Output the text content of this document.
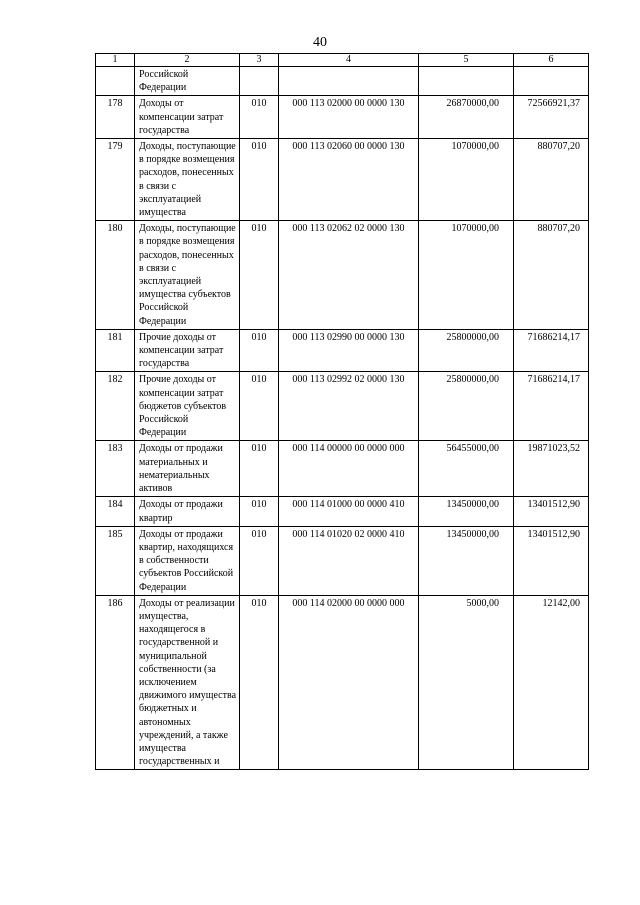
40
1	2	3	4	5	6
	Российской Федерации				
178	Доходы от компенсации затрат государства	010	000 113 02000 00 0000 130	26870000,00	72566921,37
179	Доходы, поступающие в порядке возмещения расходов, понесенных в связи с эксплуатацией имущества	010	000 113 02060 00 0000 130	1070000,00	880707,20
180	Доходы, поступающие в порядке возмещения расходов, понесенных в связи с эксплуатацией имущества субъектов Российской Федерации	010	000 113 02062 02 0000 130	1070000,00	880707,20
181	Прочие доходы от компенсации затрат государства	010	000 113 02990 00 0000 130	25800000,00	71686214,17
182	Прочие доходы от компенсации затрат бюджетов субъектов Российской Федерации	010	000 113 02992 02 0000 130	25800000,00	71686214,17
183	Доходы от продажи материальных и нематериальных активов	010	000 114 00000 00 0000 000	56455000,00	19871023,52
184	Доходы от продажи квартир	010	000 114 01000 00 0000 410	13450000,00	13401512,90
185	Доходы от продажи квартир, находящихся в собственности субъектов Российской Федерации	010	000 114 01020 02 0000 410	13450000,00	13401512,90
186	Доходы от реализации имущества, находящегося в государственной и муниципальной собственности (за исключением движимого имущества бюджетных и автономных учреждений, а также имущества государственных и	010	000 114 02000 00 0000 000	5000,00	12142,00
